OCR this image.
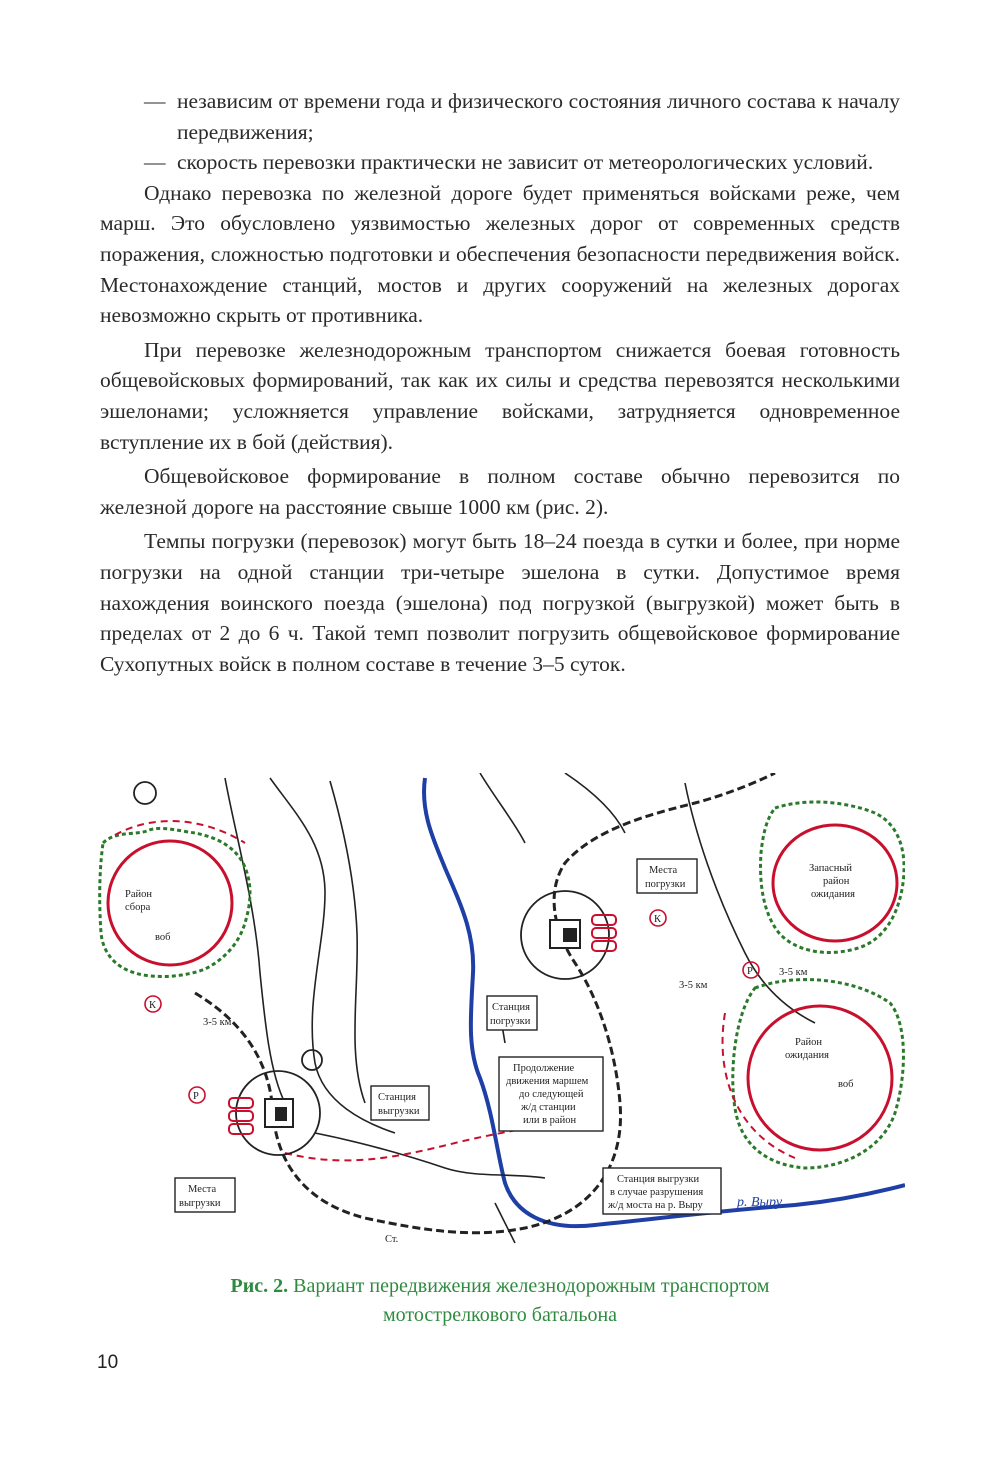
— независим от времени года и физического состояния личного состава к началу передвижения;

— скорость перевозки практически не зависит от метеорологических условий.

Однако перевозка по железной дороге будет применяться войсками реже, чем марш. Это обусловлено уязвимостью железных дорог от современных средств поражения, сложностью подготовки и обеспечения безопасности передвижения войск. Местонахождение станций, мостов и других сооружений на железных дорогах невозможно скрыть от противника.

При перевозке железнодорожным транспортом снижается боевая готовность общевойсковых формирований, так как их силы и средства перевозятся несколькими эшелонами; усложняется управление войсками, затрудняется одновременное вступление их в бой (действия).

Общевойсковое формирование в полном составе обычно перевозится по железной дороге на расстояние свыше 1000 км (рис. 2).

Темпы погрузки (перевозок) могут быть 18–24 поезда в сутки и более, при норме погрузки на одной станции три-четыре эшелона в сутки. Допустимое время нахождения воинского поезда (эшелона) под погрузкой (выгрузкой) может быть в пределах от 2 до 6 ч. Такой темп позволит погрузить общевойсковое формирование Сухопутных войск в полном составе в течение 3–5 суток.

К
К
Р
Р
Места
погрузки
Станция
погрузки
Станция
выгрузки
Продолжение
движения маршем
до следующей
ж/д станции
или в район
Места
выгрузки
Станция выгрузки
в случае разрушения
ж/д моста на р. Выру
Район
сбора
Запасный
район
ожидания
Район
ожидания
воб
воб
3-5 км
3-5 км
3-5 км
Ст.
р. Выру
Рис. 2. Вариант передвижения железнодорожным транспортом
мотострелкового батальона
10
